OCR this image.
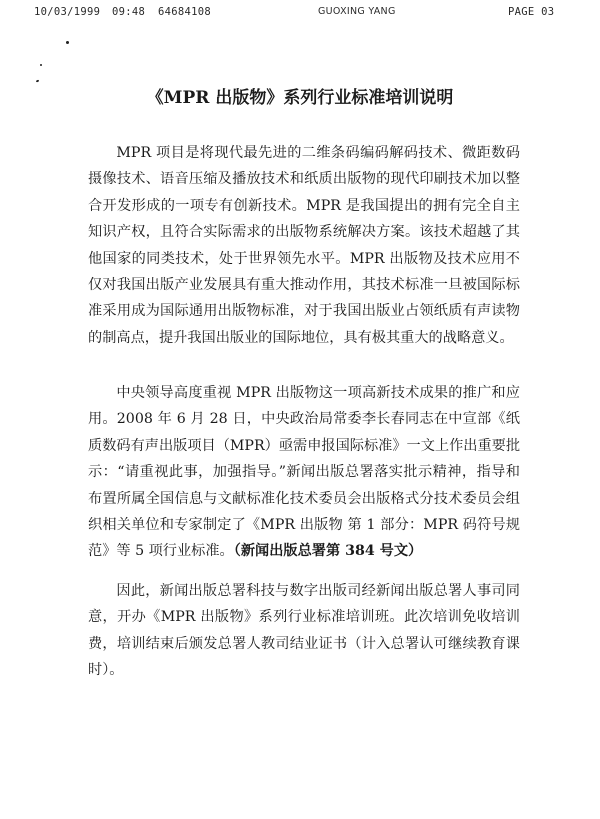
10/03/1999 09:48 64684108	GUOXING YANG	PAGE 03
《MPR 出版物》系列行业标准培训说明

MPR 项目是将现代最先进的二维条码编码解码技术、微距数码摄像技术、语音压缩及播放技术和纸质出版物的现代印刷技术加以整合开发形成的一项专有创新技术。MPR 是我国提出的拥有完全自主知识产权，且符合实际需求的出版物系统解决方案。该技术超越了其他国家的同类技术，处于世界领先水平。MPR 出版物及技术应用不仅对我国出版产业发展具有重大推动作用，其技术标准一旦被国际标准采用成为国际通用出版物标准，对于我国出版业占领纸质有声读物的制高点，提升我国出版业的国际地位，具有极其重大的战略意义。

中央领导高度重视 MPR 出版物这一项高新技术成果的推广和应用。2008 年 6 月 28 日，中央政治局常委李长春同志在中宣部《纸质数码有声出版项目（MPR）亟需申报国际标准》一文上作出重要批示：“请重视此事，加强指导。”新闻出版总署落实批示精神，指导和布置所属全国信息与文献标准化技术委员会出版格式分技术委员会组织相关单位和专家制定了《MPR 出版物 第 1 部分：MPR 码符号规范》等 5 项行业标准。（新闻出版总署第 384 号文）

因此，新闻出版总署科技与数字出版司经新闻出版总署人事司同意，开办《MPR 出版物》系列行业标准培训班。此次培训免收培训费，培训结束后颁发总署人教司结业证书（计入总署认可继续教育课时）。
